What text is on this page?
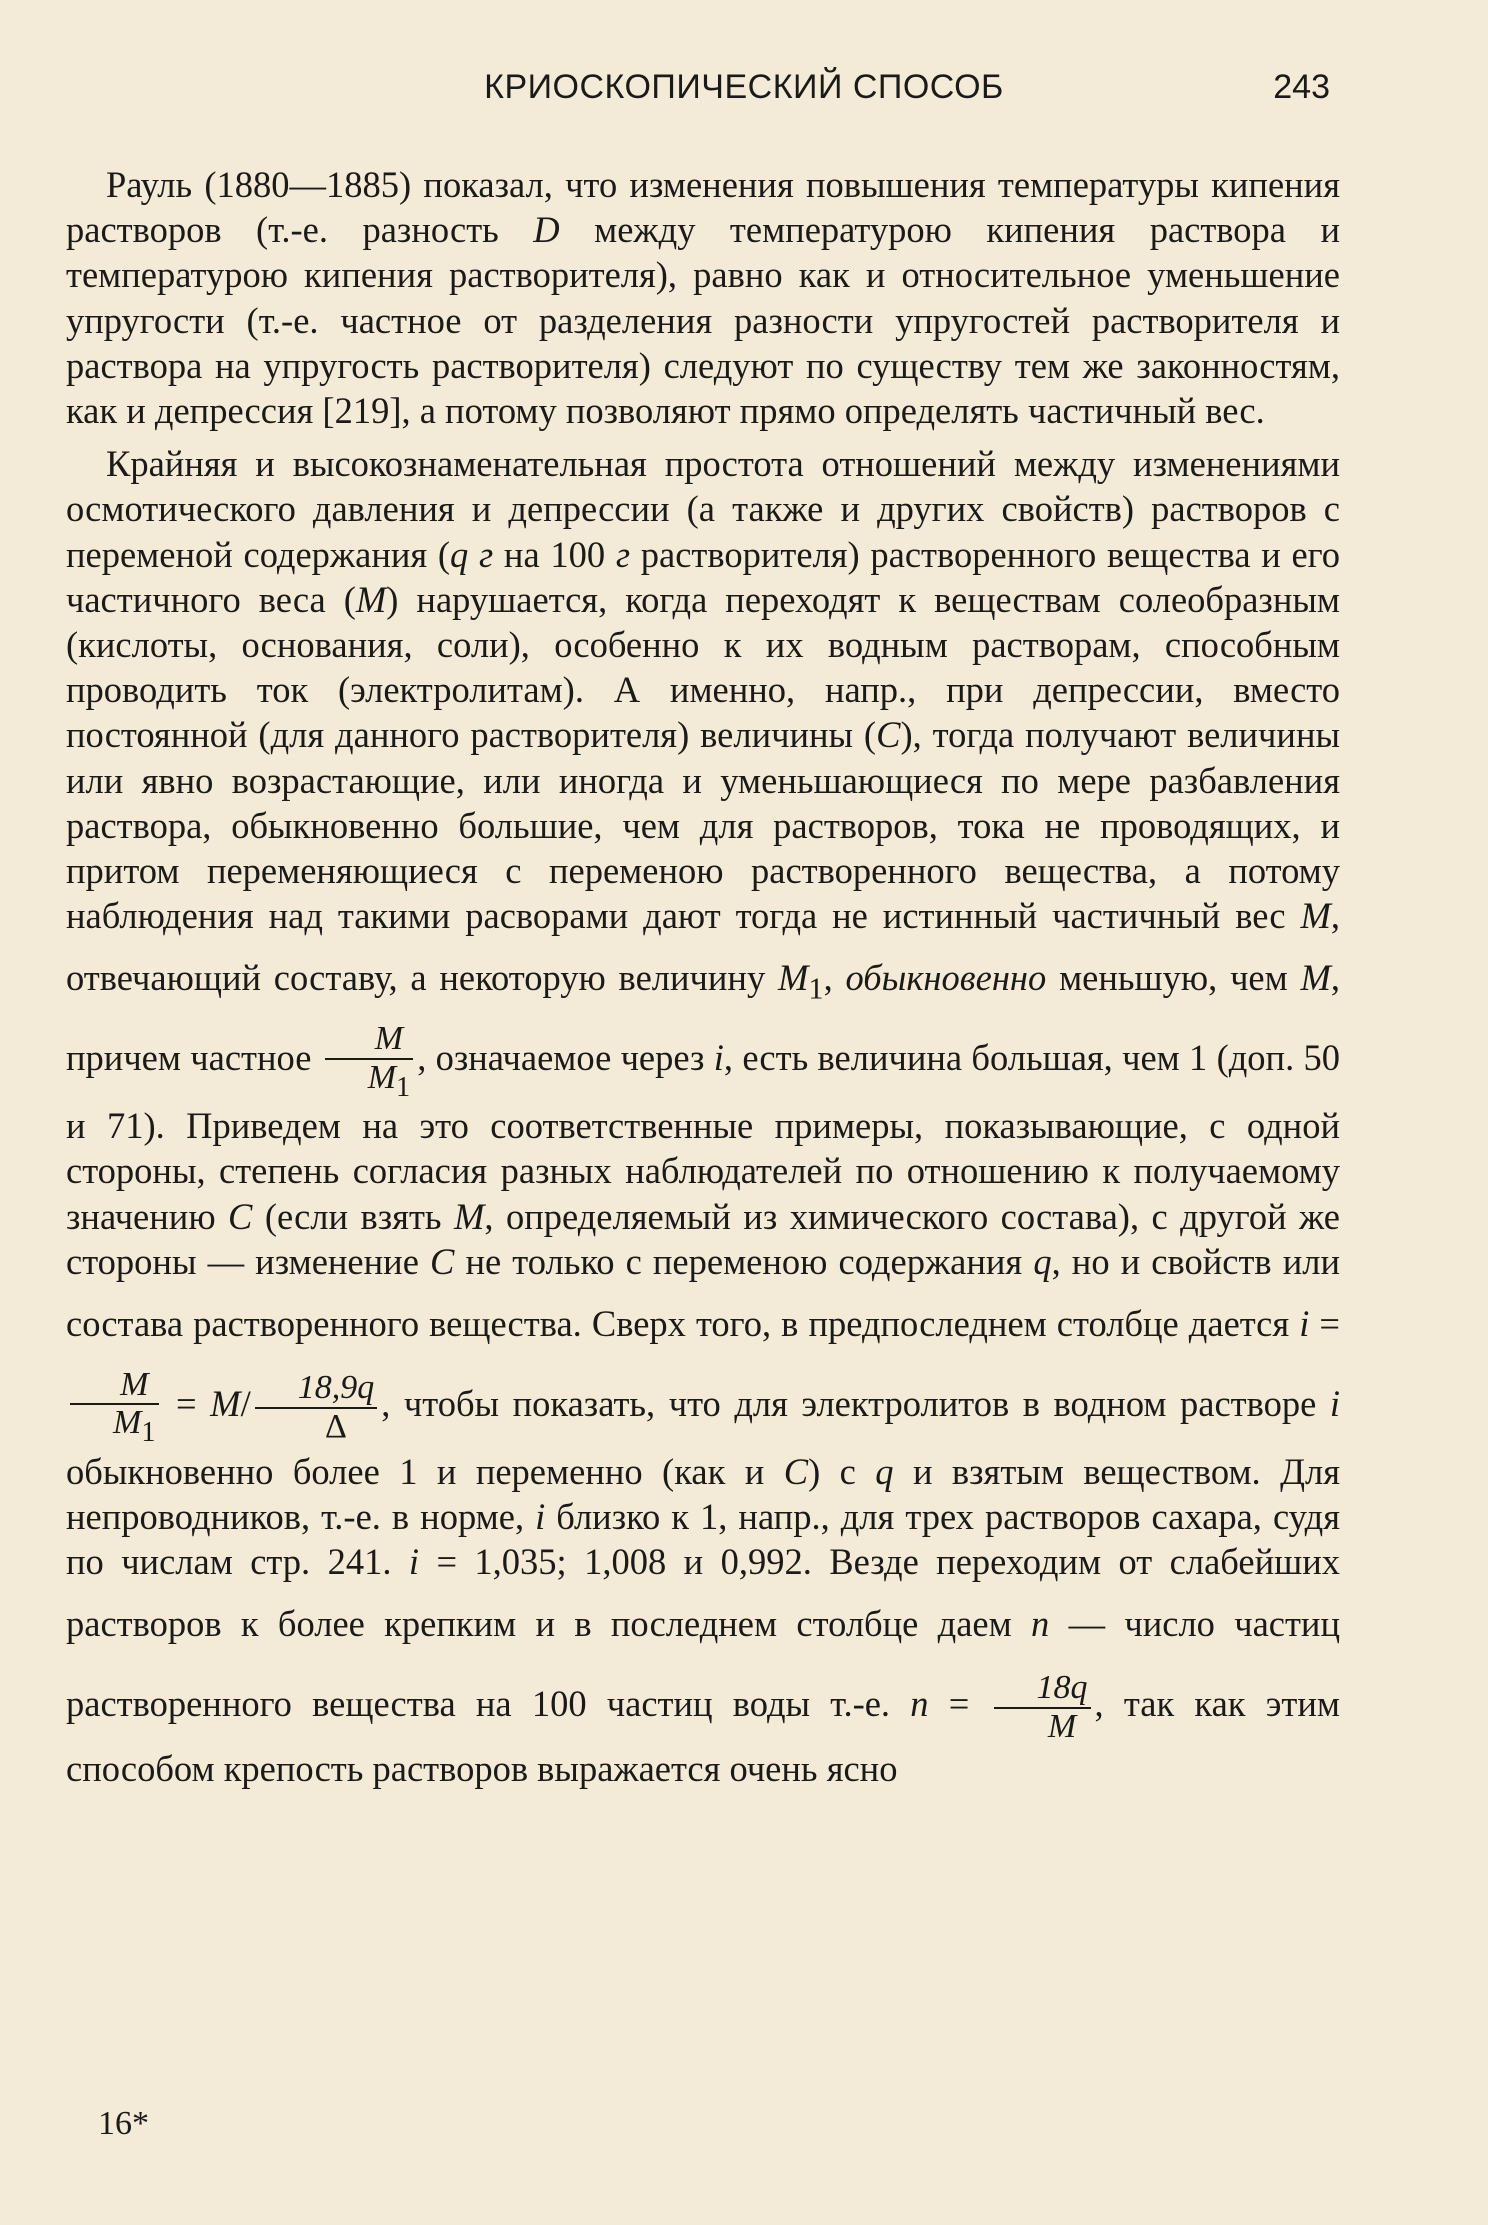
КРИОСКОПИЧЕСКИЙ СПОСОБ	243

Рауль (1880—1885) показал, что изменения повышения температуры кипения растворов (т.-е. разность D между температурою кипения раствора и температурою кипения растворителя), равно как и относительное уменьшение упругости (т.-е. частное от разделения разности упругостей растворителя и раствора на упругость растворителя) следуют по существу тем же законностям, как и депрессия [219], а потому позволяют прямо определять частичный вес.

Крайняя и высокознаменательная простота отношений между изменениями осмотического давления и депрессии (а также и других свойств) растворов с переменой содержания (q г на 100 г растворителя) растворенного вещества и его частичного веса (М) нарушается, когда переходят к веществам солеобразным (кислоты, основания, соли), особенно к их водным растворам, способным проводить ток (электролитам). А именно, напр., при депрессии, вместо постоянной (для данного растворителя) величины (С), тогда получают величины или явно возрастающие, или иногда и уменьшающиеся по мере разбавления раствора, обыкновенно большие, чем для растворов, тока не проводящих, и притом переменяющиеся с переменою растворенного вещества, а потому наблюдения над такими расворами дают тогда не истинный частичный вес М, отвечающий составу, а некоторую величину $М_1$, обыкновенно меньшую, чем М, причем частное $\frac{М}{М_1}$ , означаемое через i, есть величина большая, чем 1 (доп. 50 и 71). Приведем на это соответственные примеры, показывающие, с одной стороны, степень согласия разных наблюдателей по отношению к получаемому значению С (если взять М, определяемый из химического состава), с другой же стороны — изменение С не только с переменою содержания q, но и свойств или состава растворенного вещества. Сверх того, в предпоследнем столбце дается i =
$\frac{М}{М_1} = М/ \frac{18,9q}{\Delta}$ , чтобы показать, что для электролитов в водном растворе i обыкновенно более 1 и переменно (как и С) с q и взятым веществом. Для непроводников, т.-е. в норме, i близко к 1, напр., для трех растворов сахара, судя по числам стр. 241. i = 1,035; 1,008 и 0,992. Везде переходим от слабейших растворов к более крепким и в последнем столбце даем n — число частиц растворенного вещества на 100 частиц воды т.-е. $n = \frac{18q}{М}$ , так как этим способом крепость растворов выражается очень ясно

16*
